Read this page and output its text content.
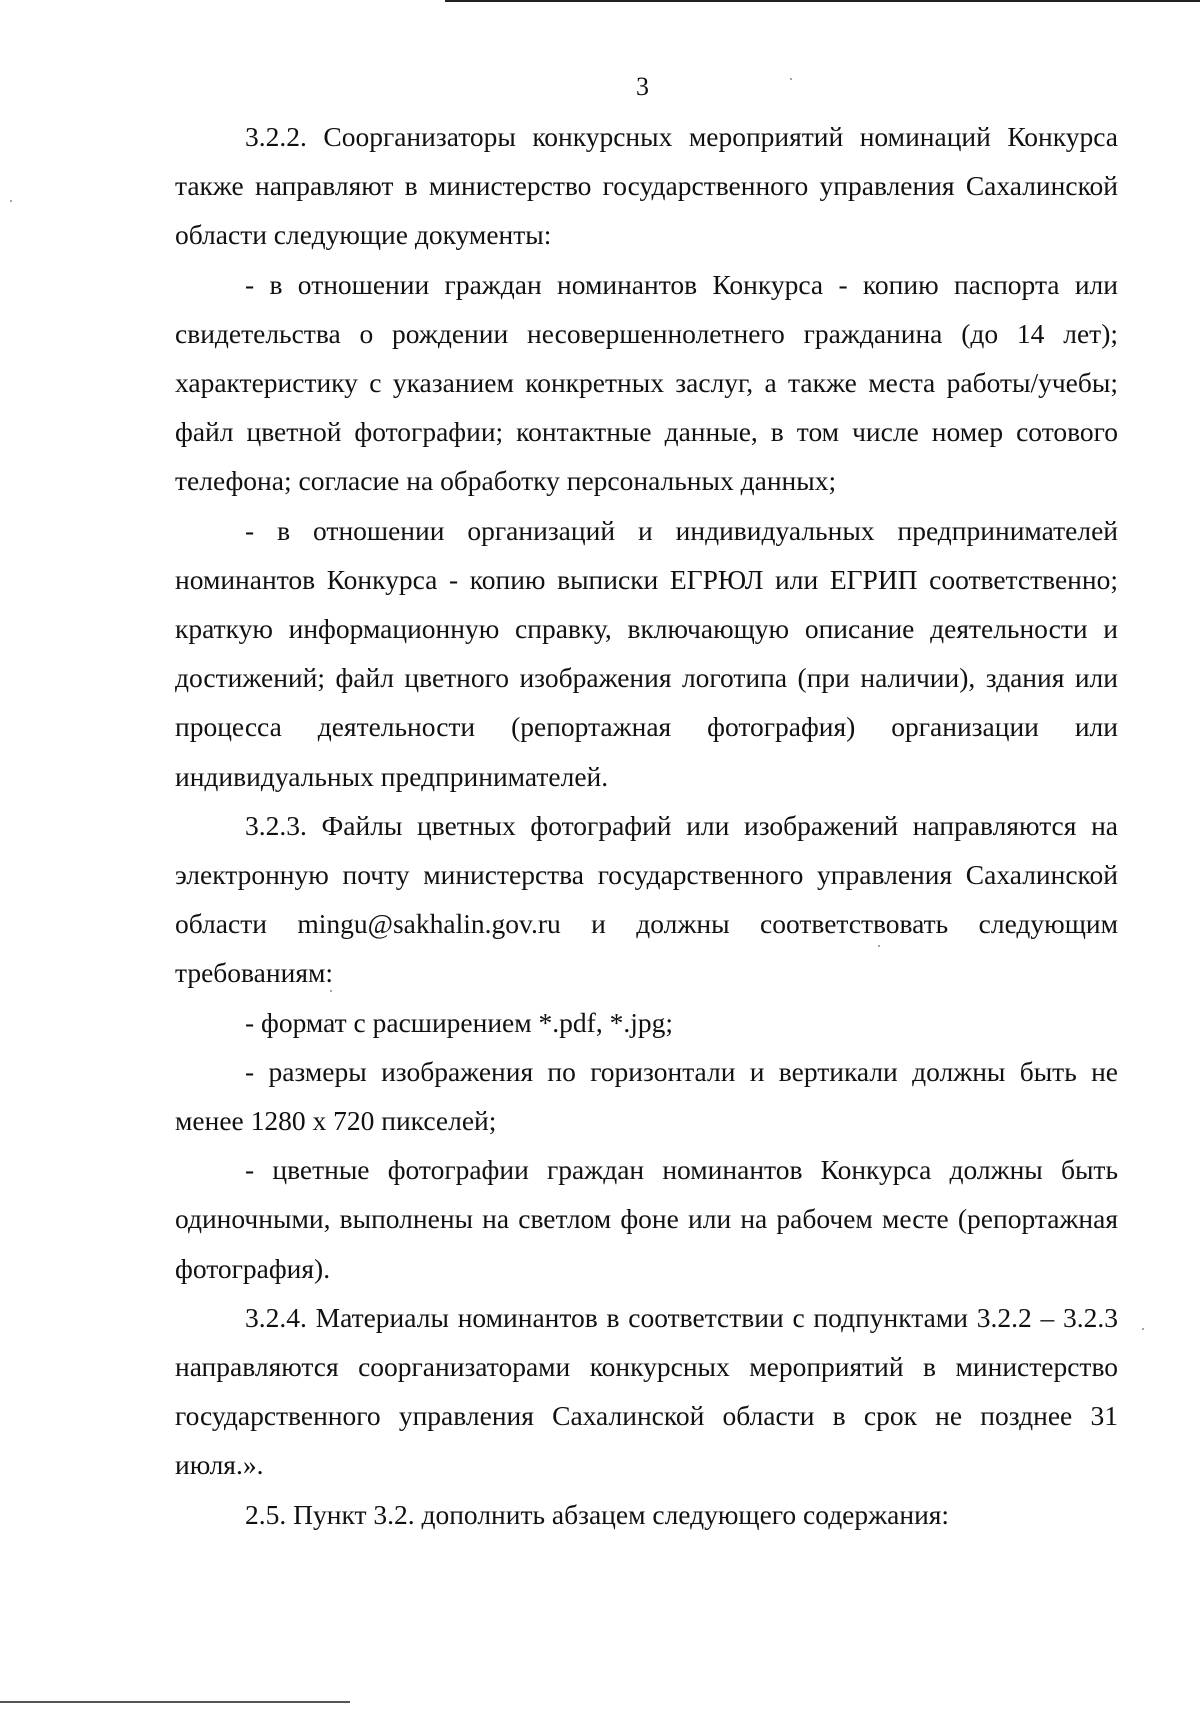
3

3.2.2. Соорганизаторы конкурсных мероприятий номинаций Конкурса также направляют в министерство государственного управления Сахалинской области следующие документы:

- в отношении граждан номинантов Конкурса - копию паспорта или свидетельства о рождении несовершеннолетнего гражданина (до 14 лет); характеристику с указанием конкретных заслуг, а также места работы/учебы; файл цветной фотографии; контактные данные, в том числе номер сотового телефона; согласие на обработку персональных данных;

- в отношении организаций и индивидуальных предпринимателей номинантов Конкурса - копию выписки ЕГРЮЛ или ЕГРИП соответственно; краткую информационную справку, включающую описание деятельности и достижений; файл цветного изображения логотипа (при наличии), здания или процесса деятельности (репортажная фотография) организации или индивидуальных предпринимателей.

3.2.3. Файлы цветных фотографий или изображений направляются на электронную почту министерства государственного управления Сахалинской области mingu@sakhalin.gov.ru и должны соответствовать следующим требованиям:

- формат с расширением *.pdf, *.jpg;

- размеры изображения по горизонтали и вертикали должны быть не менее 1280 х 720 пикселей;

- цветные фотографии граждан номинантов Конкурса должны быть одиночными, выполнены на светлом фоне или на рабочем месте (репортажная фотография).

3.2.4. Материалы номинантов в соответствии с подпунктами 3.2.2 – 3.2.3 направляются соорганизаторами конкурсных мероприятий в министерство государственного управления Сахалинской области в срок не позднее 31 июля.».

2.5. Пункт 3.2. дополнить абзацем следующего содержания:
